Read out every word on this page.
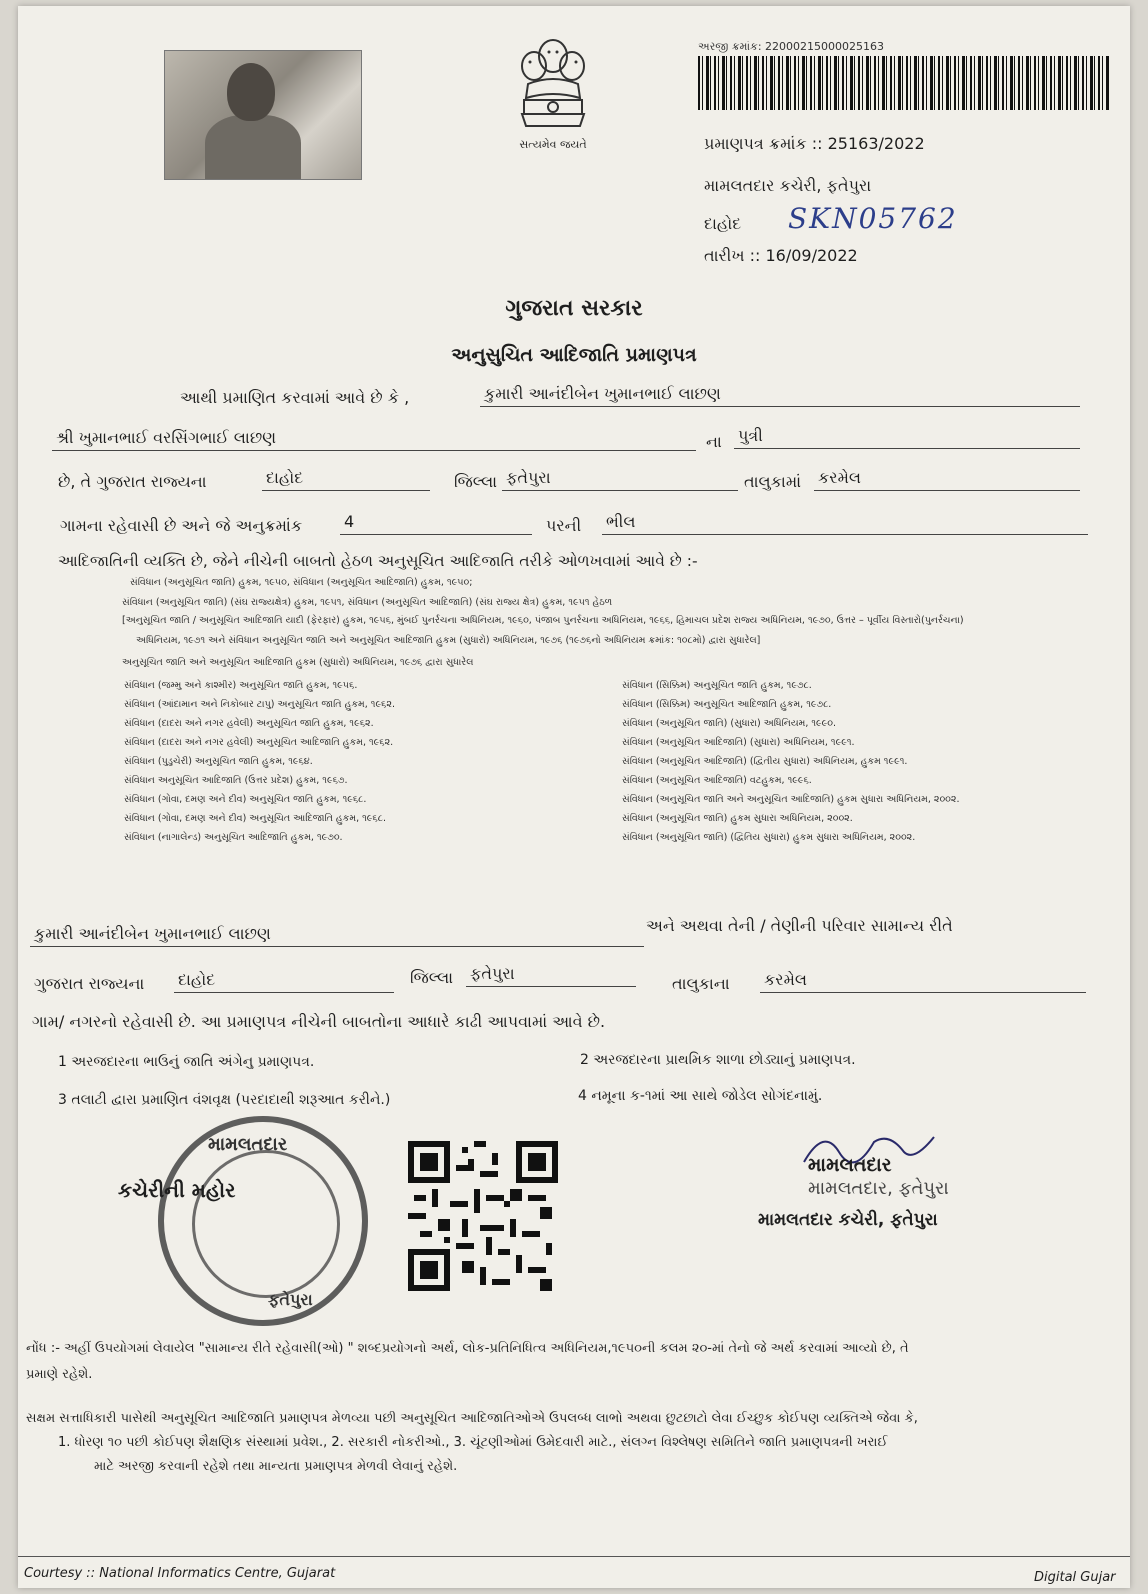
સત્યમેવ જયતે
અરજી ક્રમાંક: 22000215000025163
પ્રમાણપત્ર ક્રમાંક :: 25163/2022
મામલતદાર કચેરી, ફતેપુરા
દાહોદ SKN05762
તારીખ :: 16/09/2022
ગુજરાત સરકાર
અનુસુચિત આદિજાતિ પ્રમાણપત્ર
આથી પ્રમાણિત કરવામાં આવે છે કે ,	કુમારી આનંદીબેન ખુમાનભાઈ લાછણ
શ્રી ખુમાનભાઈ વરસિંગભાઈ લાછણ	ના પુત્રી
છે, તે ગુજરાત રાજ્યના	દાહોદ	જિલ્લા ફતેપુરા	તાલુકામાં કરમેલ
ગામના રહેવાસી છે અને જે અનુક્રમાંક	4	પરની ભીલ
આદિજાતિની વ્યક્તિ છે, જેને નીચેની બાબતો હેઠળ અનુસૂચિત આદિજાતિ તરીકે ઓળખવામાં આવે છે :-
સંવિધાન (અનુસૂચિત જાતિ) હુકમ, ૧૯૫૦, સંવિધાન (અનુસૂચિત આદિજાતિ) હુકમ, ૧૯૫૦;
સંવિધાન (અનુસૂચિત જાતિ) (સંઘ રાજ્યક્ષેત્ર) હુકમ, ૧૯૫૧, સંવિધાન (અનુસૂચિત આદિજાતિ) (સંઘ રાજ્ય ક્ષેત્ર) હુકમ, ૧૯૫૧ હેઠળ
[અનુસૂચિત જાતિ / અનુસૂચિત આદિજાતિ યાદી (ફેરફાર) હુકમ, ૧૯૫૬, મુંબઈ પુનર્રચના અધિનિયમ, ૧૯૬૦, પંજાબ પુનર્રચના અધિનિયમ, ૧૯૬૬, હિમાચલ પ્રદેશ રાજ્ય અધિનિયમ, ૧૯૭૦, ઉત્તર – પૂર્વીય વિસ્તારો(પુનર્રચના)
અધિનિયમ, ૧૯૭૧ અને સંવિધાન અનુસૂચિત જાતિ અને અનુસૂચિત આદિજાતિ હુકમ (સુધારો) અધિનિયમ, ૧૯૭૬ (૧૯૭૬નો અધિનિયમ ક્રમાંક: ૧૦૮મો) દ્વારા સુધારેલ]
અનુસૂચિત જાતિ અને અનુસૂચિત આદિજાતિ હુકમ (સુધારો) અધિનિયમ, ૧૯૭૬ દ્વારા સુધારેલ
સંવિધાન (જમ્મુ અને કાશ્મીર) અનુસૂચિત જાતિ હુકમ, ૧૯૫૬.
સંવિધાન (આંદામાન અને નિકોબાર ટાપુ) અનુસૂચિત જાતિ હુકમ, ૧૯૬૨.
સંવિધાન (દાદરા અને નગર હવેલી) અનુસૂચિત જાતિ હુકમ, ૧૯૬૨.
સંવિધાન (દાદરા અને નગર હવેલી) અનુસૂચિત આદિજાતિ હુકમ, ૧૯૬૨.
સંવિધાન (પુડુચેરી) અનુસૂચિત જાતિ હુકમ, ૧૯૬૪.
સંવિધાન અનુસૂચિત આદિજાતિ (ઉત્તર પ્રદેશ) હુકમ, ૧૯૬૭.
સંવિધાન (ગોવા, દમણ અને દીવ) અનુસૂચિત જાતિ હુકમ, ૧૯૬૮.
સંવિધાન (ગોવા, દમણ અને દીવ) અનુસૂચિત આદિજાતિ હુકમ, ૧૯૬૮.
સંવિધાન (નાગાલેન્ડ) અનુસૂચિત આદિજાતિ હુકમ, ૧૯૭૦.
સંવિધાન (સિક્કિમ) અનુસૂચિત જાતિ હુકમ, ૧૯૭૮.
સંવિધાન (સિક્કિમ) અનુસૂચિત આદિજાતિ હુકમ, ૧૯૭૮.
સંવિધાન (અનુસૂચિત જાતિ) (સુધારા) અધિનિયમ, ૧૯૯૦.
સંવિધાન (અનુસૂચિત આદિજાતિ) (સુધારા) અધિનિયમ, ૧૯૯૧.
સંવિધાન (અનુસૂચિત આદિજાતિ) (દ્વિતીય સુધારા) અધિનિયમ, હુકમ ૧૯૯૧.
સંવિધાન (અનુસૂચિત આદિજાતિ) વટહુકમ, ૧૯૯૬.
સંવિધાન (અનુસૂચિત જાતિ અને અનુસૂચિત આદિજાતિ) હુકમ સુધારા અધિનિયમ, ૨૦૦૨.
સંવિધાન (અનુસૂચિત જાતિ) હુકમ સુધારા અધિનિયમ, ૨૦૦૨.
સંવિધાન (અનુસૂચિત જાતિ) (દ્વિતિય સુધારા) હુકમ સુધારા અધિનિયમ, ૨૦૦૨.
કુમારી આનંદીબેન ખુમાનભાઈ લાછણ	અને અથવા તેની / તેણીની પરિવાર સામાન્ય રીતે
ગુજરાત રાજ્યના દાહોદ	જિલ્લા ફતેપુરા
તાલુકાના કરમેલ
ગામ/ નગરનો રહેવાસી છે. આ પ્રમાણપત્ર નીચેની બાબતોના આધારે કાઢી આપવામાં આવે છે.
1 અરજદારના ભાઉનું જાતિ અંગેનુ પ્રમાણપત્ર.	2 અરજદારના પ્રાથમિક શાળા છોડ્યાનું પ્રમાણપત્ર.
3 તલાટી દ્વારા પ્રમાણિત વંશવૃક્ષ (પરદાદાથી શરૂઆત કરીને.)	4 નમૂના ક-૧માં આ સાથે જોડેલ સોગંદનામું.
મામલતદાર
કચેરીની મહોર
ફતેપુરા
મામલતદાર
મામલતદાર, ફતેપુરા
મામલતદાર કચેરી, ફતેપુરા
નોંધ :- અહીં ઉપયોગમાં લેવાયેલ "સામાન્ય રીતે રહેવાસી(ઓ) " શબ્દપ્રયોગનો અર્થ, લોક-પ્રતિનિધિત્વ અધિનિયમ,૧૯૫૦ની કલમ ૨૦-માં તેનો જે અર્થ કરવામાં આવ્યો છે, તે
પ્રમાણે રહેશે.
સક્ષમ સત્તાધિકારી પાસેથી અનુસૂચિત આદિજાતિ પ્રમાણપત્ર મેળવ્યા પછી અનુસૂચિત આદિજાતિઓએ ઉપલબ્ધ લાભો અથવા છુટછાટો લેવા ઈચ્છુક કોઈપણ વ્યક્તિએ જેવા કે,
1. ધોરણ ૧૦ પછી કોઈપણ શૈક્ષણિક સંસ્થામાં પ્રવેશ., 2. સરકારી નોકરીઓ., 3. ચૂંટણીઓમાં ઉમેદવારી માટે., સંલગ્ન વિશ્લેષણ સમિતિને જાતિ પ્રમાણપત્રની ખરાઈ
માટે અરજી કરવાની રહેશે તથા માન્યતા પ્રમાણપત્ર મેળવી લેવાનું રહેશે.
Courtesy :: National Informatics Centre, Gujarat	Digital Gujar
